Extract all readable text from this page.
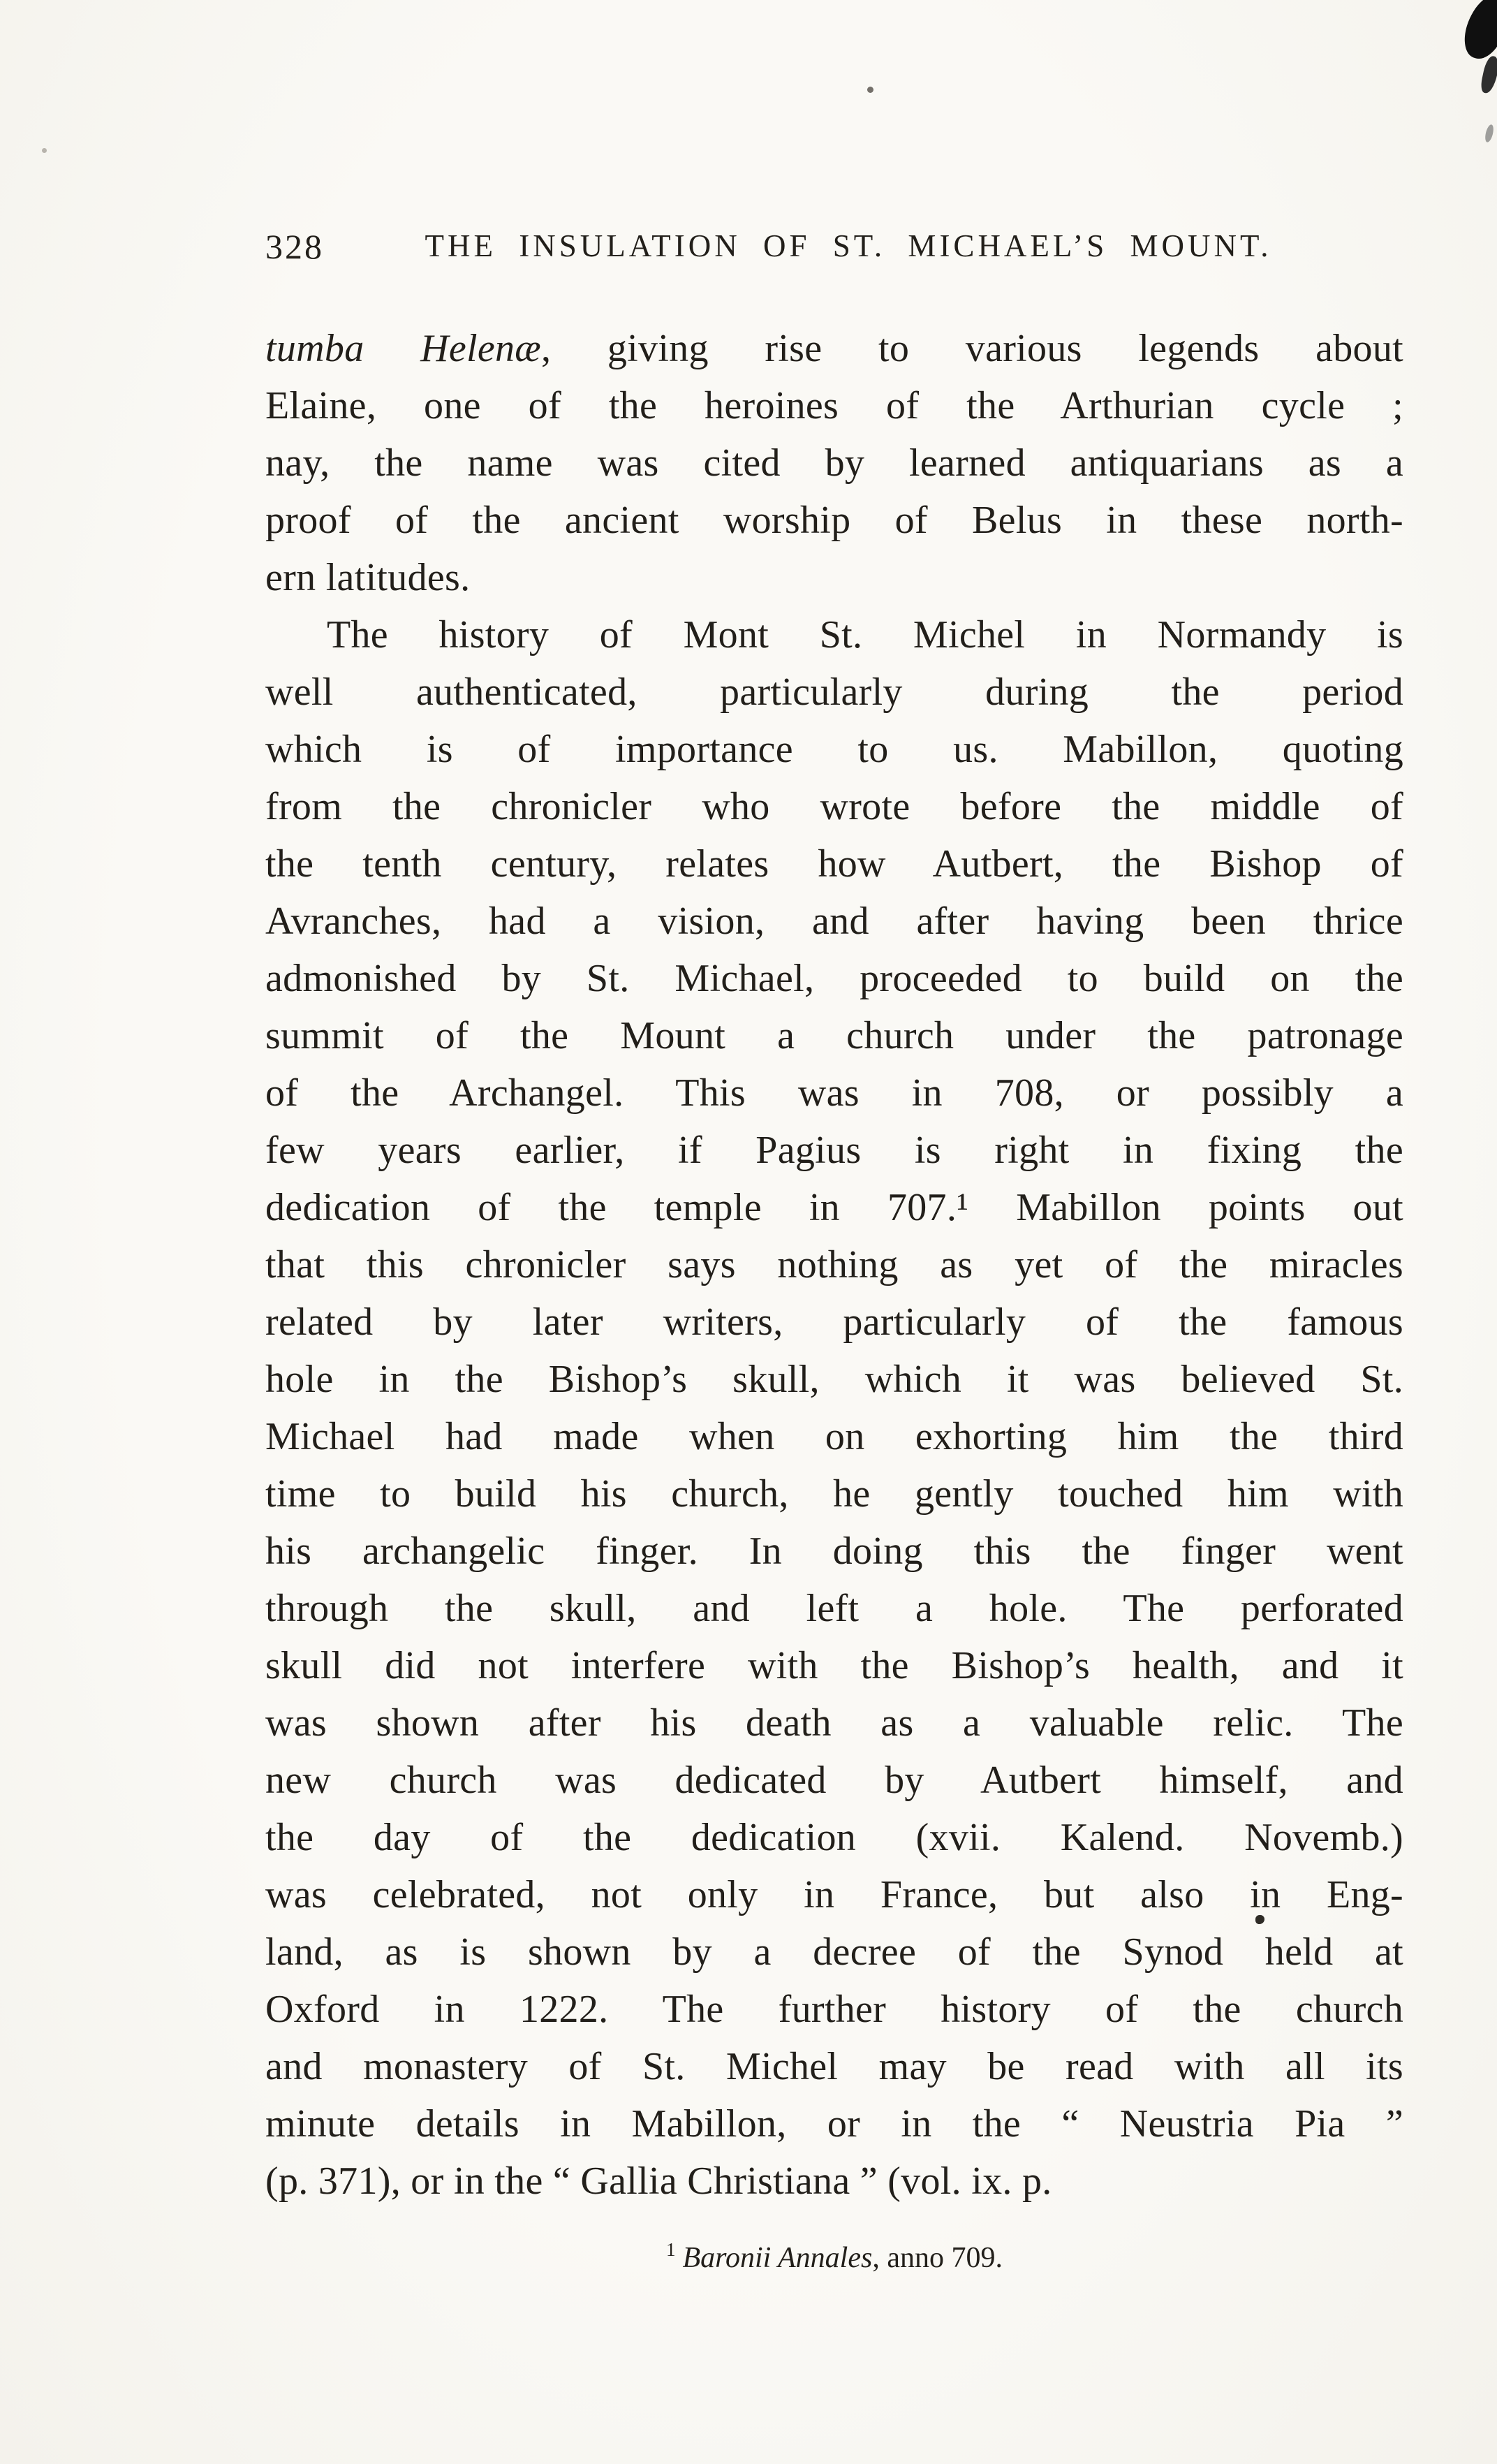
328	THE INSULATION OF ST. MICHAEL’S MOUNT.
tumba Helenæ, giving rise to various legends about
Elaine, one of the heroines of the Arthurian cycle ;
nay, the name was cited by learned antiquarians as a
proof of the ancient worship of Belus in these north-
ern latitudes.
The history of Mont St. Michel in Normandy is
well authenticated, particularly during the period
which is of importance to us. Mabillon, quoting
from the chronicler who wrote before the middle of
the tenth century, relates how Autbert, the Bishop of
Avranches, had a vision, and after having been thrice
admonished by St. Michael, proceeded to build on the
summit of the Mount a church under the patronage
of the Archangel. This was in 708, or possibly a
few years earlier, if Pagius is right in fixing the
dedication of the temple in 707.¹ Mabillon points out
that this chronicler says nothing as yet of the miracles
related by later writers, particularly of the famous
hole in the Bishop’s skull, which it was believed St.
Michael had made when on exhorting him the third
time to build his church, he gently touched him with
his archangelic finger. In doing this the finger went
through the skull, and left a hole. The perforated
skull did not interfere with the Bishop’s health, and it
was shown after his death as a valuable relic. The
new church was dedicated by Autbert himself, and
the day of the dedication (xvii. Kalend. Novemb.)
was celebrated, not only in France, but also in Eng-
land, as is shown by a decree of the Synod held at
Oxford in 1222. The further history of the church
and monastery of St. Michel may be read with all its
minute details in Mabillon, or in the “ Neustria Pia ”
(p. 371), or in the “ Gallia Christiana ” (vol. ix. p.
$^1$ Baronii Annales, anno 709.
